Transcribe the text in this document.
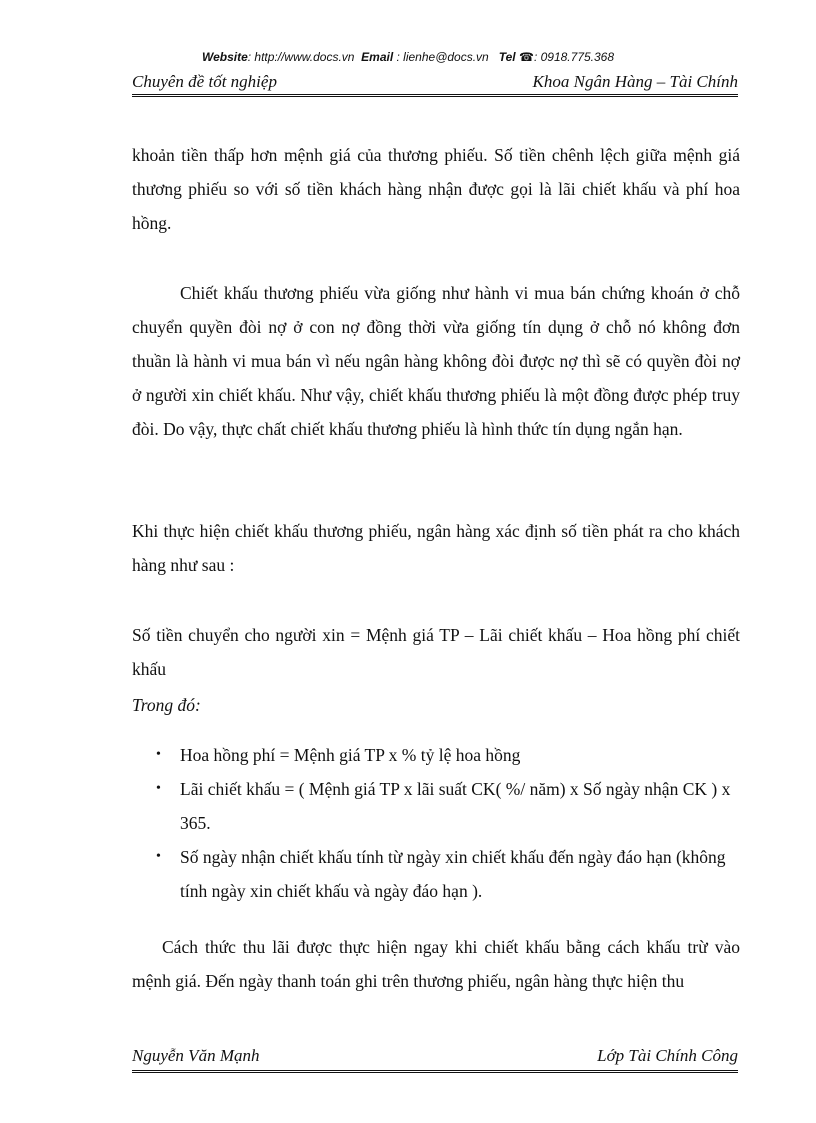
Website: http://www.docs.vn Email : lienhe@docs.vn Tel ☎: 0918.775.368
Chuyên đề tốt nghiệp	Khoa Ngân Hàng – Tài Chính

khoản tiền thấp hơn mệnh giá của thương phiếu. Số tiền chênh lệch giữa mệnh giá thương phiếu so với số tiền khách hàng nhận được gọi là lãi chiết khấu và phí hoa hồng.

Chiết khấu thương phiếu vừa giống như hành vi mua bán chứng khoán ở chỗ chuyển quyền đòi nợ ở con nợ đồng thời vừa giống tín dụng ở chỗ nó không đơn thuần là hành vi mua bán vì nếu ngân hàng không đòi được nợ thì sẽ có quyền đòi nợ ở người xin chiết khấu. Như vậy, chiết khấu thương phiếu là một đồng được phép truy đòi. Do vậy, thực chất chiết khấu thương phiếu là hình thức tín dụng ngắn hạn.

Khi thực hiện chiết khấu thương phiếu, ngân hàng xác định số tiền phát ra cho khách hàng như sau :

Số tiền chuyển cho người xin = Mệnh giá TP – Lãi chiết khấu – Hoa hồng phí chiết khấu

Trong đó:

• Hoa hồng phí = Mệnh giá TP x % tỷ lệ hoa hồng
• Lãi chiết khấu = ( Mệnh giá TP x lãi suất CK( %/ năm) x Số ngày nhận CK ) x 365.
• Số ngày nhận chiết khấu tính từ ngày xin chiết khấu đến ngày đáo hạn (không tính ngày xin chiết khấu và ngày đáo hạn ).

Cách thức thu lãi được thực hiện ngay khi chiết khấu bằng cách khấu trừ vào mệnh giá. Đến ngày thanh toán ghi trên thương phiếu, ngân hàng thực hiện thu

Nguyễn Văn Mạnh	Lớp Tài Chính Công
